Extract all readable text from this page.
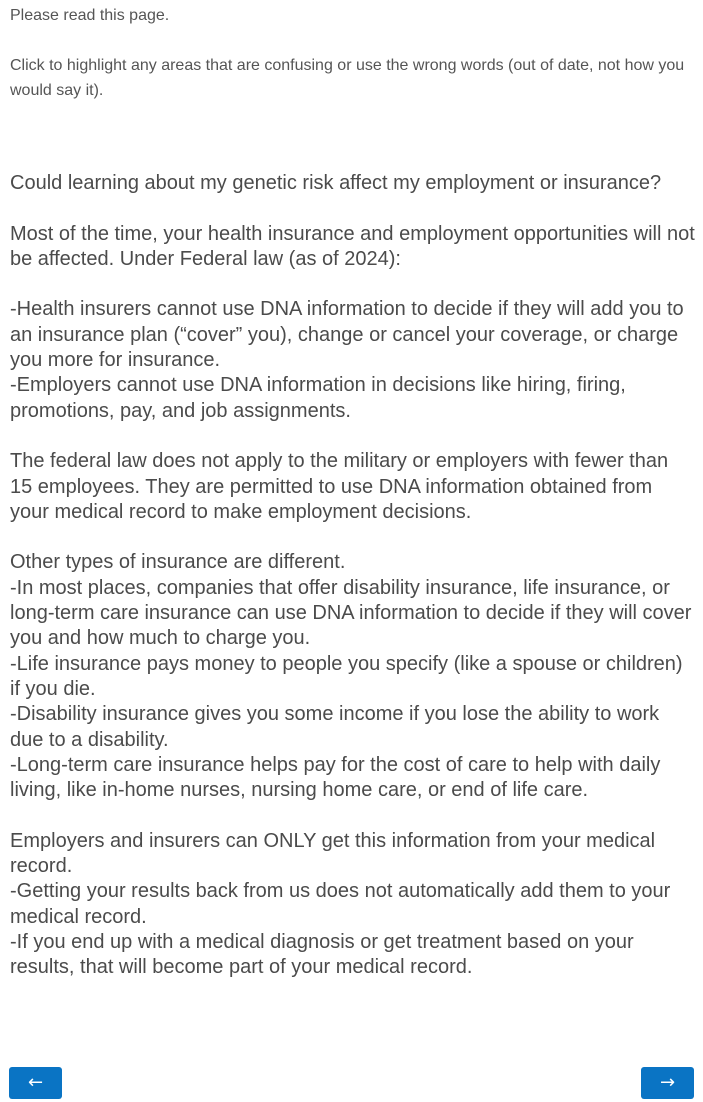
Please read this page.

Click to highlight any areas that are confusing or use the wrong words (out of date, not how you would say it).

Could learning about my genetic risk affect my employment or insurance?
Most of the time, your health insurance and employment opportunities will not be affected. Under Federal law (as of 2024):
-Health insurers cannot use DNA information to decide if they will add you to an insurance plan (“cover” you), change or cancel your coverage, or charge you more for insurance.
-Employers cannot use DNA information in decisions like hiring, firing, promotions, pay, and job assignments.
The federal law does not apply to the military or employers with fewer than 15 employees. They are permitted to use DNA information obtained from your medical record to make employment decisions.
Other types of insurance are different.
-In most places, companies that offer disability insurance, life insurance, or long-term care insurance can use DNA information to decide if they will cover you and how much to charge you.
-Life insurance pays money to people you specify (like a spouse or children) if you die.
-Disability insurance gives you some income if you lose the ability to work due to a disability.
-Long-term care insurance helps pay for the cost of care to help with daily living, like in-home nurses, nursing home care, or end of life care.
Employers and insurers can ONLY get this information from your medical record.
-Getting your results back from us does not automatically add them to your medical record.
-If you end up with a medical diagnosis or get treatment based on your results, that will become part of your medical record.
←	→
